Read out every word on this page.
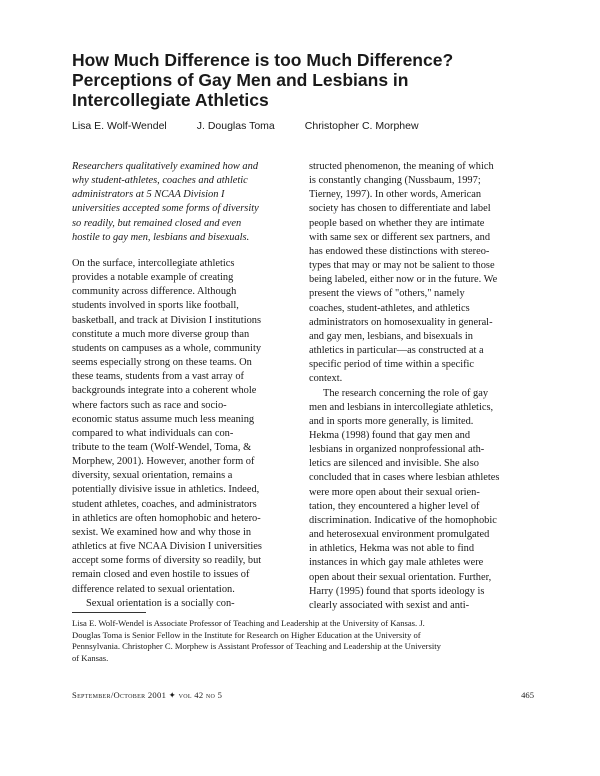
How Much Difference is too Much Difference?
Perceptions of Gay Men and Lesbians in
Intercollegiate Athletics
Lisa E. Wolf-Wendel	J. Douglas Toma	Christopher C. Morphew

Researchers qualitatively examined how and
why student-athletes, coaches and athletic
administrators at 5 NCAA Division I
universities accepted some forms of diversity
so readily, but remained closed and even
hostile to gay men, lesbians and bisexuals.

On the surface, intercollegiate athletics
provides a notable example of creating
community across difference. Although
students involved in sports like football,
basketball, and track at Division I institutions
constitute a much more diverse group than
students on campuses as a whole, community
seems especially strong on these teams. On
these teams, students from a vast array of
backgrounds integrate into a coherent whole
where factors such as race and socio-
economic status assume much less meaning
compared to what individuals can con-
tribute to the team (Wolf-Wendel, Toma, &
Morphew, 2001). However, another form of
diversity, sexual orientation, remains a
potentially divisive issue in athletics. Indeed,
student athletes, coaches, and administrators
in athletics are often homophobic and hetero-
sexist. We examined how and why those in
athletics at five NCAA Division I universities
accept some forms of diversity so readily, but
remain closed and even hostile to issues of
difference related to sexual orientation.

Sexual orientation is a socially con-

structed phenomenon, the meaning of which
is constantly changing (Nussbaum, 1997;
Tierney, 1997). In other words, American
society has chosen to differentiate and label
people based on whether they are intimate
with same sex or different sex partners, and
has endowed these distinctions with stereo-
types that may or may not be salient to those
being labeled, either now or in the future. We
present the views of "others," namely
coaches, student-athletes, and athletics
administrators on homosexuality in general-
and gay men, lesbians, and bisexuals in
athletics in particular—as constructed at a
specific period of time within a specific
context.

The research concerning the role of gay
men and lesbians in intercollegiate athletics,
and in sports more generally, is limited.
Hekma (1998) found that gay men and
lesbians in organized nonprofessional ath-
letics are silenced and invisible. She also
concluded that in cases where lesbian athletes
were more open about their sexual orien-
tation, they encountered a higher level of
discrimination. Indicative of the homophobic
and heterosexual environment promulgated
in athletics, Hekma was not able to find
instances in which gay male athletes were
open about their sexual orientation. Further,
Harry (1995) found that sports ideology is
clearly associated with sexist and anti-

Lisa E. Wolf-Wendel is Associate Professor of Teaching and Leadership at the University of Kansas. J.
Douglas Toma is Senior Fellow in the Institute for Research on Higher Education at the University of
Pennsylvania. Christopher C. Morphew is Assistant Professor of Teaching and Leadership at the University
of Kansas.
September/October 2001 ✦ vol 42 no 5	465
